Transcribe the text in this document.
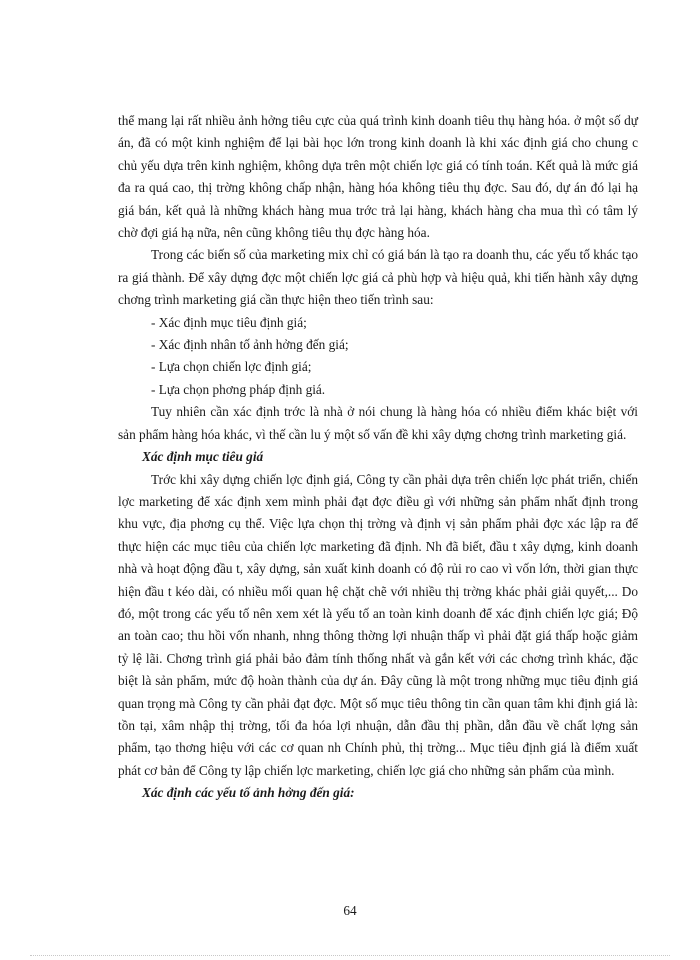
thể mang lại rất nhiều ảnh hởng tiêu cực của quá trình kinh doanh tiêu thụ hàng hóa. ở một số dự án, đã có một kinh nghiệm để lại bài học lớn trong kinh doanh là khi xác định giá cho chung c chủ yếu dựa trên kinh nghiệm, không dựa trên một chiến lợc giá có tính toán. Kết quả là mức giá đa ra quá cao, thị trờng không chấp nhận, hàng hóa không tiêu thụ đợc. Sau đó, dự án đó lại hạ giá bán, kết quả là những khách hàng mua trớc trả lại hàng, khách hàng cha mua thì có tâm lý chờ đợi giá hạ nữa, nên cũng không tiêu thụ đợc hàng hóa.

Trong các biến số của marketing mix chỉ có giá bán là tạo ra doanh thu, các yếu tố khác tạo ra giá thành. Để xây dựng đợc một chiến lợc giá cả phù hợp và hiệu quả, khi tiến hành xây dựng chơng trình marketing giá cần thực hiện theo tiến trình sau:

- Xác định mục tiêu định giá;

- Xác định nhân tố ảnh hởng đến giá;

- Lựa chọn chiến lợc định giá;

- Lựa chọn phơng pháp định giá.

Tuy nhiên cần xác định trớc là nhà ở nói chung là hàng hóa có nhiều điểm khác biệt với sản phẩm hàng hóa khác, vì thế cần lu ý một số vấn đề khi xây dựng chơng trình marketing giá.

Xác định mục tiêu giá

Trớc khi xây dựng chiến lợc định giá, Công ty cần phải dựa trên chiến lợc phát triển, chiến lợc marketing để xác định xem mình phải đạt đợc điều gì với những sản phẩm nhất định trong khu vực, địa phơng cụ thể. Việc lựa chọn thị trờng và định vị sản phẩm phải đợc xác lập ra để thực hiện các mục tiêu của chiến lợc marketing đã định. Nh đã biết, đầu t xây dựng, kinh doanh nhà và hoạt động đầu t, xây dựng, sản xuất kinh doanh có độ rủi ro cao vì vốn lớn, thời gian thực hiện đầu t kéo dài, có nhiều mối quan hệ chặt chẽ với nhiều thị trờng khác phải giải quyết,... Do đó, một trong các yếu tố nên xem xét là yếu tố an toàn kinh doanh để xác định chiến lợc giá; Độ an toàn cao; thu hồi vốn nhanh, nhng thông thờng lợi nhuận thấp vì phải đặt giá thấp hoặc giảm tỷ lệ lãi. Chơng trình giá phải bảo đảm tính thống nhất và gắn kết với các chơng trình khác, đặc biệt là sản phẩm, mức độ hoàn thành của dự án. Đây cũng là một trong những mục tiêu định giá quan trọng mà Công ty cần phải đạt đợc. Một số mục tiêu thông tin cần quan tâm khi định giá là: tồn tại, xâm nhập thị trờng, tối đa hóa lợi nhuận, dẫn đầu thị phần, dẫn đầu về chất lợng sản phẩm, tạo thơng hiệu với các cơ quan nh Chính phủ, thị trờng... Mục tiêu định giá là điểm xuất phát cơ bản để Công ty lập chiến lợc marketing, chiến lợc giá cho những sản phẩm của mình.

Xác định các yếu tố ảnh hởng đến giá:

64
